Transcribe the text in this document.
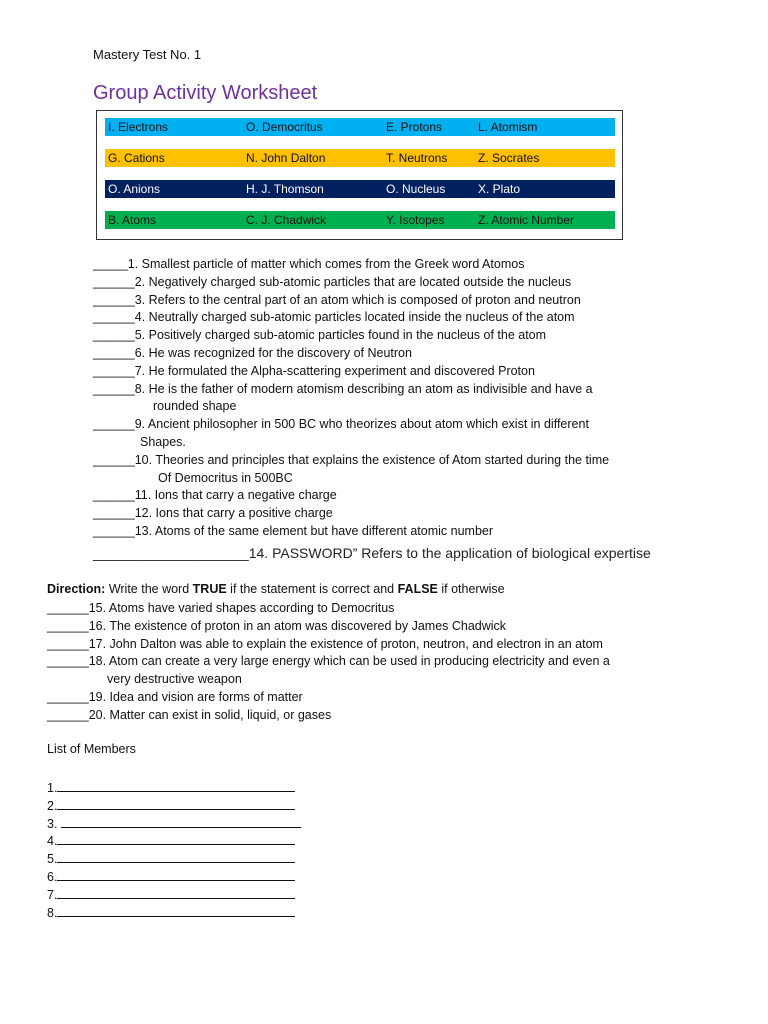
Mastery Test No. 1
Group Activity Worksheet
I. Electrons	O. Democritus	E. Protons	L. Atomism
G. Cations	N. John Dalton	T. Neutrons	Z. Socrates
O. Anions	H. J. Thomson	O. Nucleus	X. Plato
B. Atoms	C. J. Chadwick	Y. Isotopes	Z. Atomic Number
_____1. Smallest particle of matter which comes from the Greek word Atomos
______2. Negatively charged sub-atomic particles that are located outside the nucleus
______3. Refers to the central part of an atom which is composed of proton and neutron
______4. Neutrally charged sub-atomic particles located inside the nucleus of the atom
______5. Positively charged sub-atomic particles found in the nucleus of the atom
______6. He was recognized for the discovery of Neutron
______7. He formulated the Alpha-scattering experiment and discovered Proton
______8. He is the father of modern atomism describing an atom as indivisible and have a
rounded shape
______9. Ancient philosopher in 500 BC who theorizes about atom which exist in different
Shapes.
______10. Theories and principles that explains the existence of Atom started during the time
Of Democritus in 500BC
______11. Ions that carry a negative charge
______12. Ions that carry a positive charge
______13. Atoms of the same element but have different atomic number
____________________14. PASSWORD” Refers to the application of biological expertise
Direction: Write the word TRUE if the statement is correct and FALSE if otherwise
______15. Atoms have varied shapes according to Democritus
______16. The existence of proton in an atom was discovered by James Chadwick
______17. John Dalton was able to explain the existence of proton, neutron, and electron in an atom
______18. Atom can create a very large energy which can be used in producing electricity and even a
very destructive weapon
______19. Idea and vision are forms of matter
______20. Matter can exist in solid, liquid, or gases
List of Members
1.
2.
3.
4.
5.
6.
7.
8.
